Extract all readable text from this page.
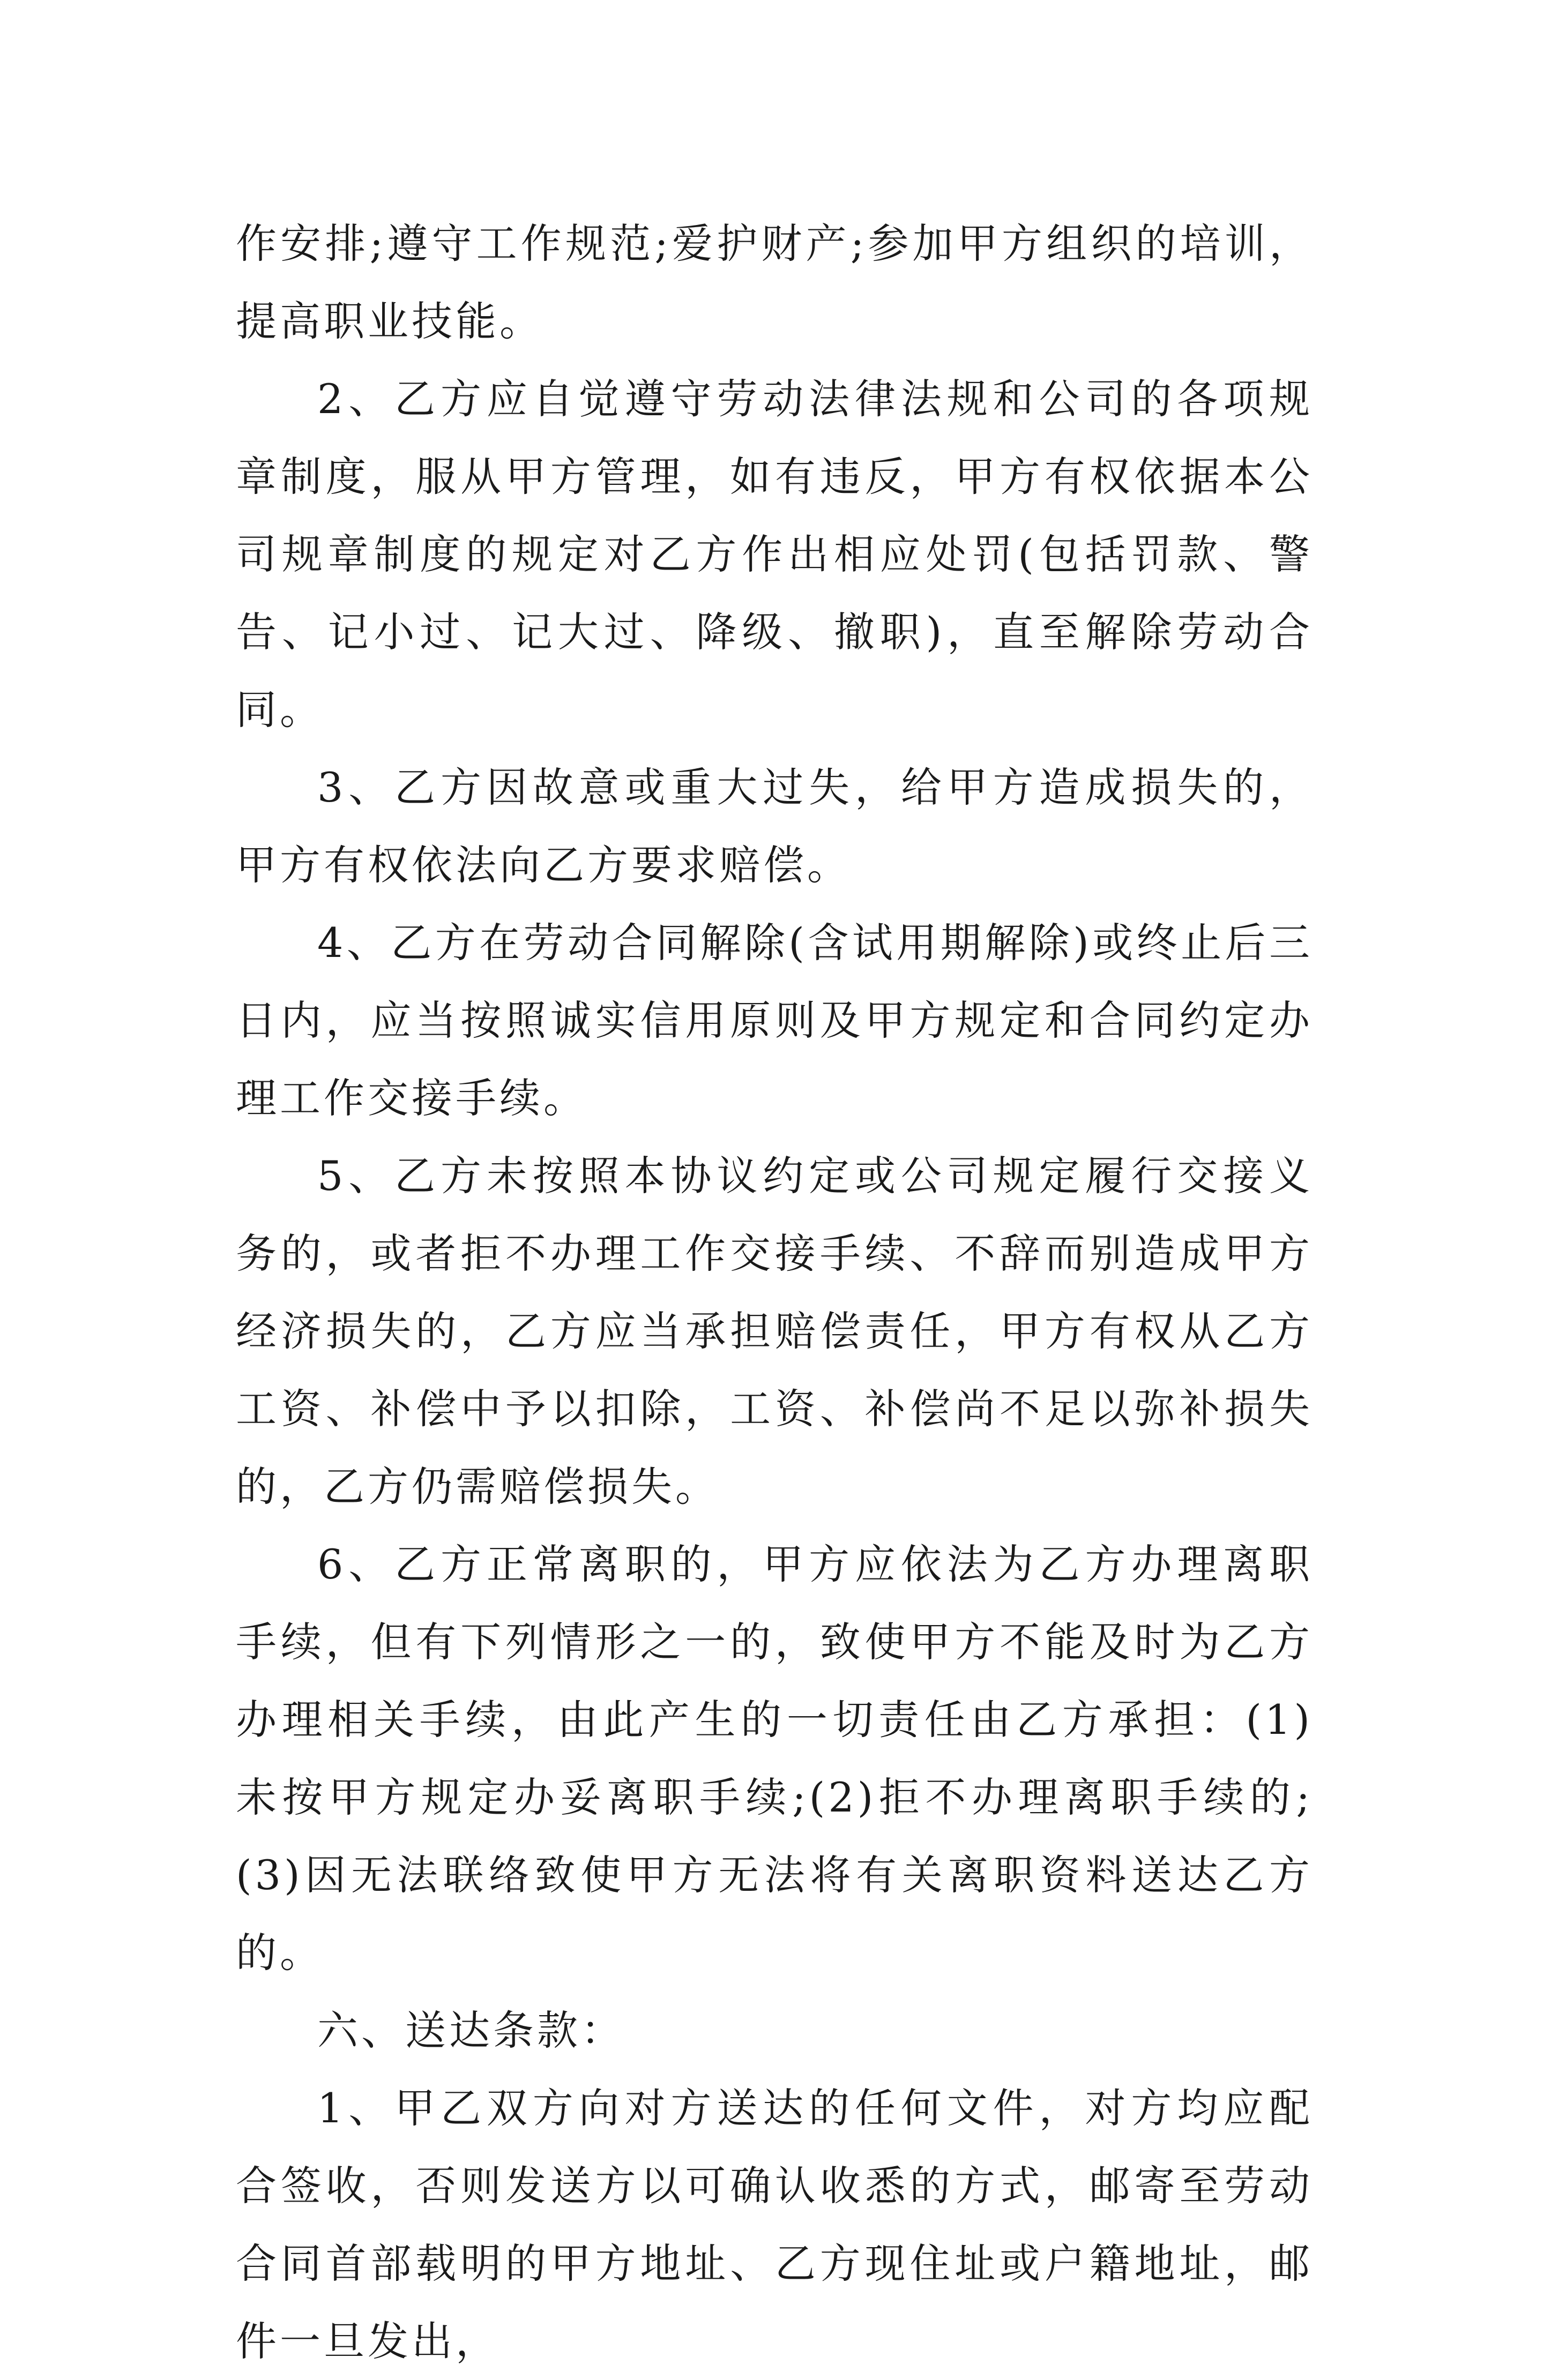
作安排;遵守工作规范;爱护财产;参加甲方组织的培训，提高职业技能。

2、乙方应自觉遵守劳动法律法规和公司的各项规章制度，服从甲方管理，如有违反，甲方有权依据本公司规章制度的规定对乙方作出相应处罚(包括罚款、警告、记小过、记大过、降级、撤职)，直至解除劳动合同。

3、乙方因故意或重大过失，给甲方造成损失的，甲方有权依法向乙方要求赔偿。

4、乙方在劳动合同解除(含试用期解除)或终止后三日内，应当按照诚实信用原则及甲方规定和合同约定办理工作交接手续。

5、乙方未按照本协议约定或公司规定履行交接义务的，或者拒不办理工作交接手续、不辞而别造成甲方经济损失的，乙方应当承担赔偿责任，甲方有权从乙方工资、补偿中予以扣除，工资、补偿尚不足以弥补损失的，乙方仍需赔偿损失。

6、乙方正常离职的，甲方应依法为乙方办理离职手续，但有下列情形之一的，致使甲方不能及时为乙方办理相关手续，由此产生的一切责任由乙方承担：(1)未按甲方规定办妥离职手续;(2)拒不办理离职手续的;(3)因无法联络致使甲方无法将有关离职资料送达乙方的。

六、送达条款：

1、甲乙双方向对方送达的任何文件，对方均应配合签收，否则发送方以可确认收悉的方式，邮寄至劳动合同首部载明的甲方地址、乙方现住址或户籍地址，邮件一旦发出，
